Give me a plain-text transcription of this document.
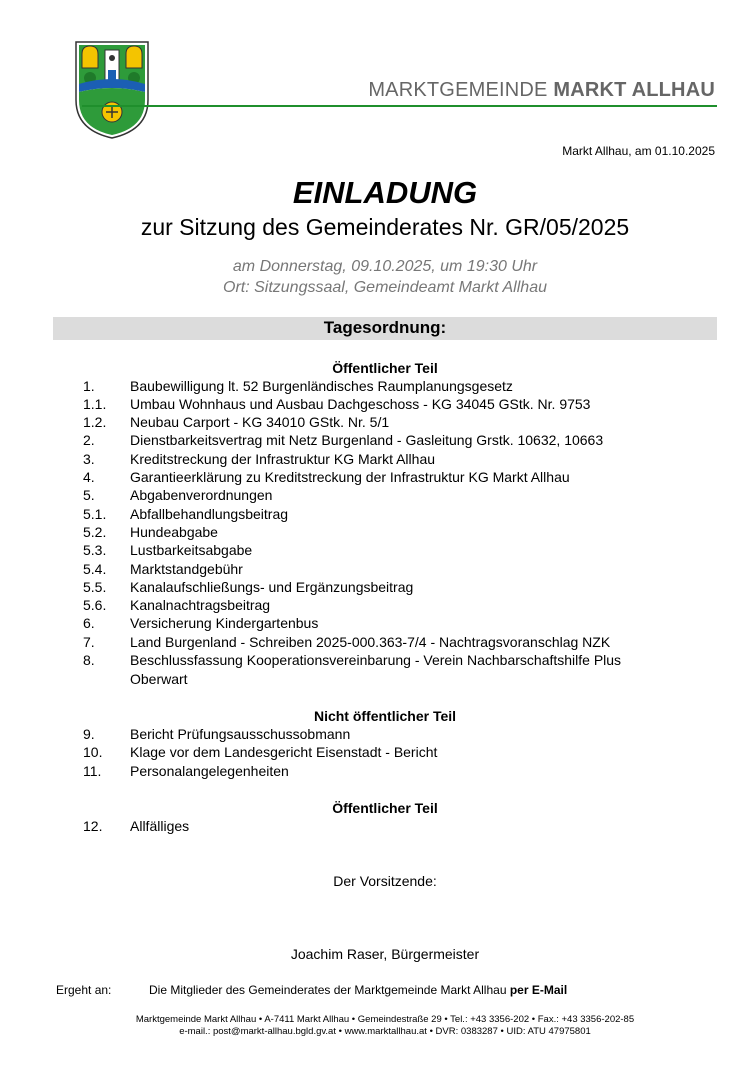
MARKTGEMEINDE MARKT ALLHAU
Markt Allhau, am 01.10.2025
EINLADUNG
zur Sitzung des Gemeinderates Nr. GR/05/2025
am Donnerstag, 09.10.2025, um 19:30 Uhr
Ort: Sitzungssaal, Gemeindeamt Markt Allhau
Tagesordnung:
Öffentlicher Teil
1.	Baubewilligung lt. 52 Burgenländisches Raumplanungsgesetz
1.1. Umbau Wohnhaus und Ausbau Dachgeschoss - KG 34045 GStk. Nr. 9753
1.2. Neubau Carport - KG 34010 GStk. Nr. 5/1
2.	Dienstbarkeitsvertrag mit Netz Burgenland - Gasleitung Grstk. 10632, 10663
3.	Kreditstreckung der Infrastruktur KG Markt Allhau
4.	Garantieerklärung zu Kreditstreckung der Infrastruktur KG Markt Allhau
5.	Abgabenverordnungen
5.1. Abfallbehandlungsbeitrag
5.2. Hundeabgabe
5.3. Lustbarkeitsabgabe
5.4. Marktstandgebühr
5.5. Kanalaufschließungs- und Ergänzungsbeitrag
5.6. Kanalnachtragsbeitrag
6.	Versicherung Kindergartenbus
7.	Land Burgenland - Schreiben 2025-000.363-7/4 - Nachtragsvoranschlag NZK
8.	Beschlussfassung Kooperationsvereinbarung - Verein Nachbarschaftshilfe Plus
Oberwart
Nicht öffentlicher Teil
9.	Bericht Prüfungsausschussobmann
10. Klage vor dem Landesgericht Eisenstadt - Bericht
11. Personalangelegenheiten
Öffentlicher Teil
12. Allfälliges
Der Vorsitzende:
Joachim Raser, Bürgermeister
Ergeht an:	Die Mitglieder des Gemeinderates der Marktgemeinde Markt Allhau per E-Mail
Marktgemeinde Markt Allhau • A-7411 Markt Allhau • Gemeindestraße 29 • Tel.: +43 3356-202 • Fax.: +43 3356-202-85
e-mail.: post@markt-allhau.bgld.gv.at • www.marktallhau.at • DVR: 0383287 • UID: ATU 47975801
